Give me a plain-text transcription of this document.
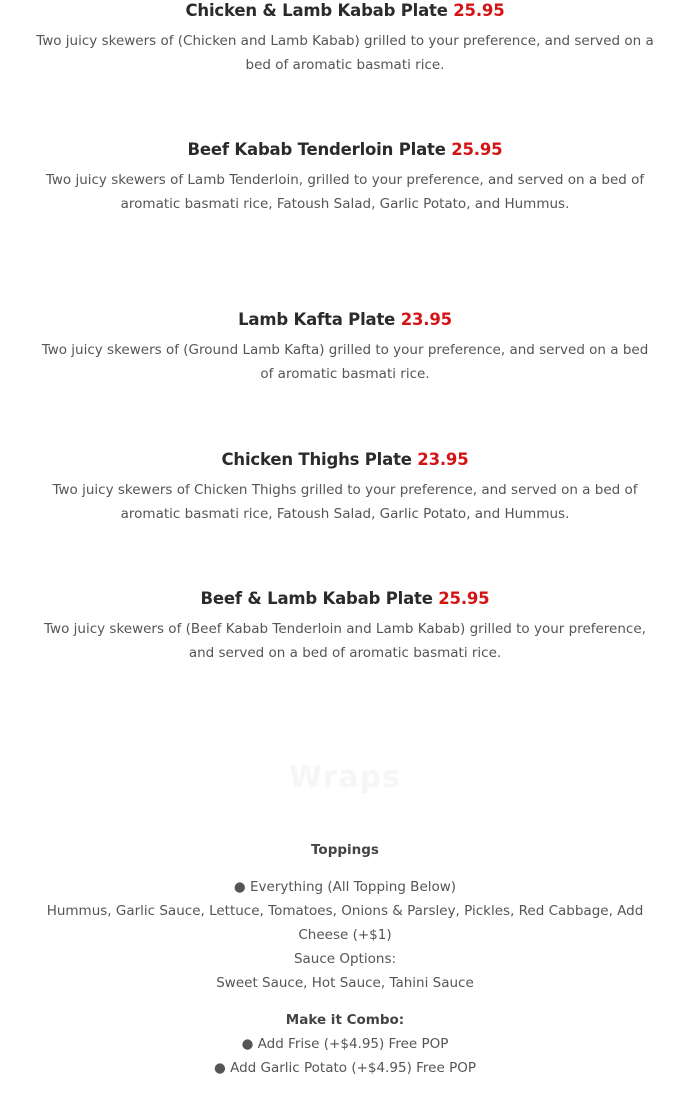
Chicken & Lamb Kabab Plate 25.95
Two juicy skewers of (Chicken and Lamb Kabab) grilled to your preference, and served on a bed of aromatic basmati rice.
Beef Kabab Tenderloin Plate 25.95
Two juicy skewers of Lamb Tenderloin, grilled to your preference, and served on a bed of aromatic basmati rice, Fatoush Salad, Garlic Potato, and Hummus.
Lamb Kafta Plate 23.95
Two juicy skewers of (Ground Lamb Kafta) grilled to your preference, and served on a bed of aromatic basmati rice.
Chicken Thighs Plate 23.95
Two juicy skewers of Chicken Thighs grilled to your preference, and served on a bed of aromatic basmati rice, Fatoush Salad, Garlic Potato, and Hummus.
Beef & Lamb Kabab Plate 25.95
Two juicy skewers of (Beef Kabab Tenderloin and Lamb Kabab) grilled to your preference, and served on a bed of aromatic basmati rice.
Wraps
Toppings
● Everything (All Topping Below)
Hummus, Garlic Sauce, Lettuce, Tomatoes, Onions & Parsley, Pickles, Red Cabbage, Add Cheese (+$1)
Sauce Options:
Sweet Sauce, Hot Sauce, Tahini Sauce
Make it Combo:
● Add Frise (+$4.95) Free POP
● Add Garlic Potato (+$4.95) Free POP
